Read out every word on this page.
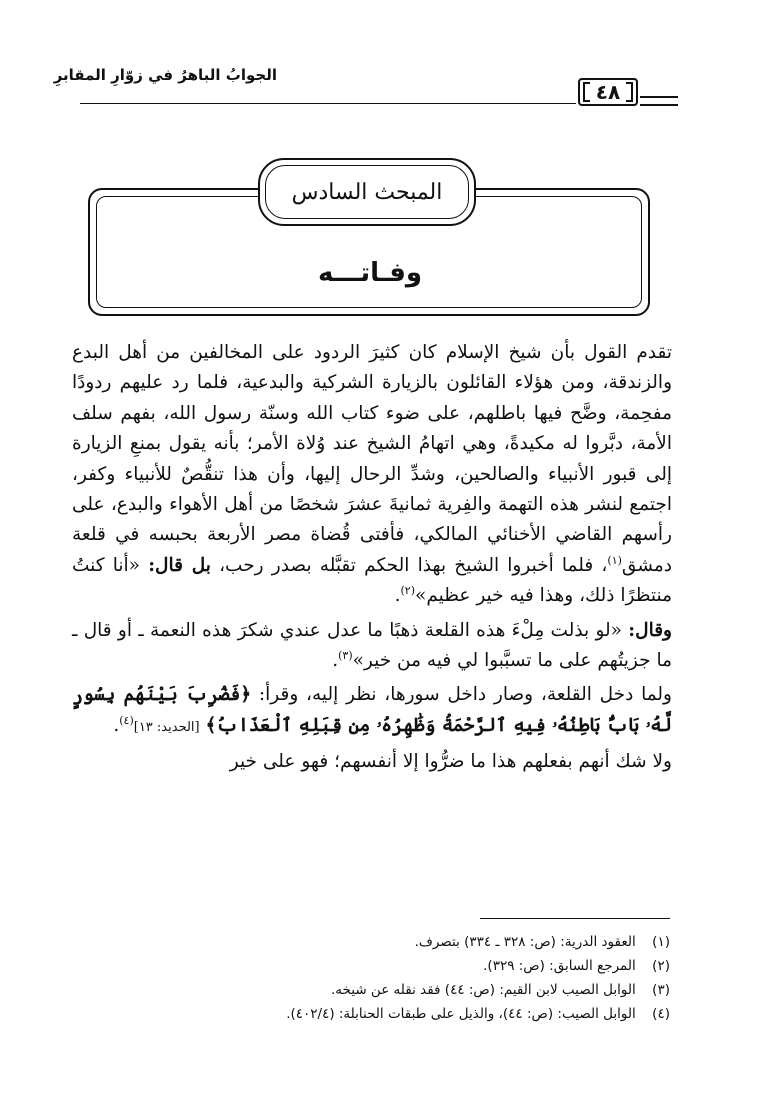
الجوابُ الباهرُ في زوّارِ المقابرِ
٤٨
المبحث السادس
وفـاتـــه

تقدم القول بأن شيخ الإسلام كان كثيرَ الردود على المخالفين من أهل البدع والزندقة، ومن هؤلاء القائلون بالزيارة الشركية والبدعية، فلما رد عليهم ردودًا مفحِمة، وضَّح فيها باطلهم، على ضوء كتاب الله وسنّة رسول الله، بفهم سلف الأمة، دبَّروا له مكيدةً، وهي اتهامُ الشيخ عند وُلاة الأمر؛ بأنه يقول بمنعِ الزيارة إلى قبور الأنبياء والصالحين، وشدِّ الرحال إليها، وأن هذا تنقُّصٌ للأنبياء وكفر، اجتمع لنشر هذه التهمة والفِرية ثمانيةَ عشرَ شخصًا من أهل الأهواء والبدع، على رأسهم القاضي الأخنائي المالكي، فأفتى قُضاة مصر الأربعة بحبسه في قلعة دمشق$^{(١)}$، فلما أخبروا الشيخ بهذا الحكم تقبَّله بصدر رحب، بل قال: «أنا كنتُ منتظرًا ذلك، وهذا فيه خير عظيم»$^{(٢)}$.

وقال: «لو بذلت مِلْءَ هذه القلعة ذهبًا ما عدل عندي شكرَ هذه النعمة ـ أو قال ـ ما جزيتُهم على ما تسبَّبوا لي فيه من خير»$^{(٣)}$.

ولما دخل القلعة، وصار داخل سورها، نظر إليه، وقرأ: ﴿فَضُرِبَ بَيْنَهُم بِسُورٍ لَّهُۥ بَابٌۢ بَاطِنُهُۥ فِيهِ ٱلرَّحْمَةُ وَظَٰهِرُهُۥ مِن قِبَلِهِ ٱلْعَذَابُ﴾ [الحديد: ١٣]$^{(٤)}$.

ولا شك أنهم بفعلهم هذا ما ضرُّوا إلا أنفسهم؛ فهو على خير

(١) العقود الدرية: (ص: ٣٢٨ ـ ٣٣٤) بتصرف.
(٢) المرجع السابق: (ص: ٣٢٩).
(٣) الوابل الصيب لابن القيم: (ص: ٤٤) فقد نقله عن شيخه.
(٤) الوابل الصيب: (ص: ٤٤)، والذيل على طبقات الحنابلة: (٤٠٢/٤).
